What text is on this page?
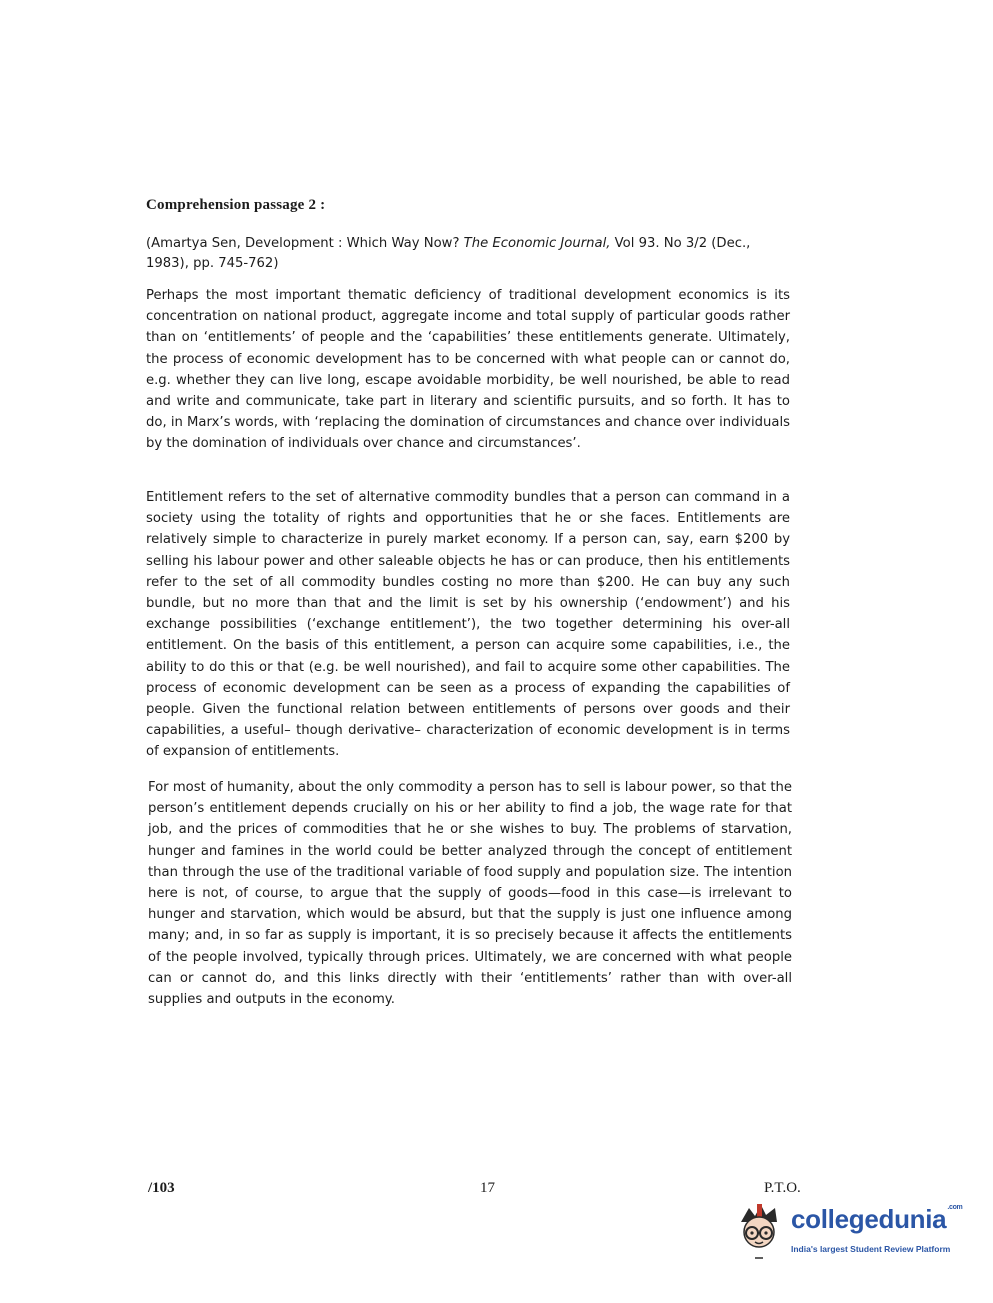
Comprehension passage 2 :
(Amartya Sen, Development : Which Way Now? The Economic Journal, Vol 93. No 3/2 (Dec., 1983), pp. 745-762)

Perhaps the most important thematic deficiency of traditional development economics is its concentration on national product, aggregate income and total supply of particular goods rather than on ‘entitlements’ of people and the ‘capabilities’ these entitlements generate. Ultimately, the process of economic development has to be concerned with what people can or cannot do, e.g. whether they can live long, escape avoidable morbidity, be well nourished, be able to read and write and communicate, take part in literary and scientific pursuits, and so forth. It has to do, in Marx’s words, with ‘replacing the domination of circumstances and chance over individuals by the domination of individuals over chance and circumstances’.

Entitlement refers to the set of alternative commodity bundles that a person can command in a society using the totality of rights and opportunities that he or she faces. Entitlements are relatively simple to characterize in purely market economy. If a person can, say, earn $200 by selling his labour power and other saleable objects he has or can produce, then his entitlements refer to the set of all commodity bundles costing no more than $200. He can buy any such bundle, but no more than that and the limit is set by his ownership (‘endowment’) and his exchange possibilities (‘exchange entitlement’), the two together determining his over-all entitlement. On the basis of this entitlement, a person can acquire some capabilities, i.e., the ability to do this or that (e.g. be well nourished), and fail to acquire some other capabilities. The process of economic development can be seen as a process of expanding the capabilities of people. Given the functional relation between entitlements of persons over goods and their capabilities, a useful– though derivative– characterization of economic development is in terms of expansion of entitlements.

For most of humanity, about the only commodity a person has to sell is labour power, so that the person’s entitlement depends crucially on his or her ability to find a job, the wage rate for that job, and the prices of commodities that he or she wishes to buy. The problems of starvation, hunger and famines in the world could be better analyzed through the concept of entitlement than through the use of the traditional variable of food supply and population size. The intention here is not, of course, to argue that the supply of goods—food in this case—is irrelevant to hunger and starvation, which would be absurd, but that the supply is just one influence among many; and, in so far as supply is important, it is so precisely because it affects the entitlements of the people involved, typically through prices. Ultimately, we are concerned with what people can or cannot do, and this links directly with their ‘entitlements’ rather than with over-all supplies and outputs in the economy.

/103	17	P.T.O.
collegedunia$^{.com}$
India's largest Student Review Platform
